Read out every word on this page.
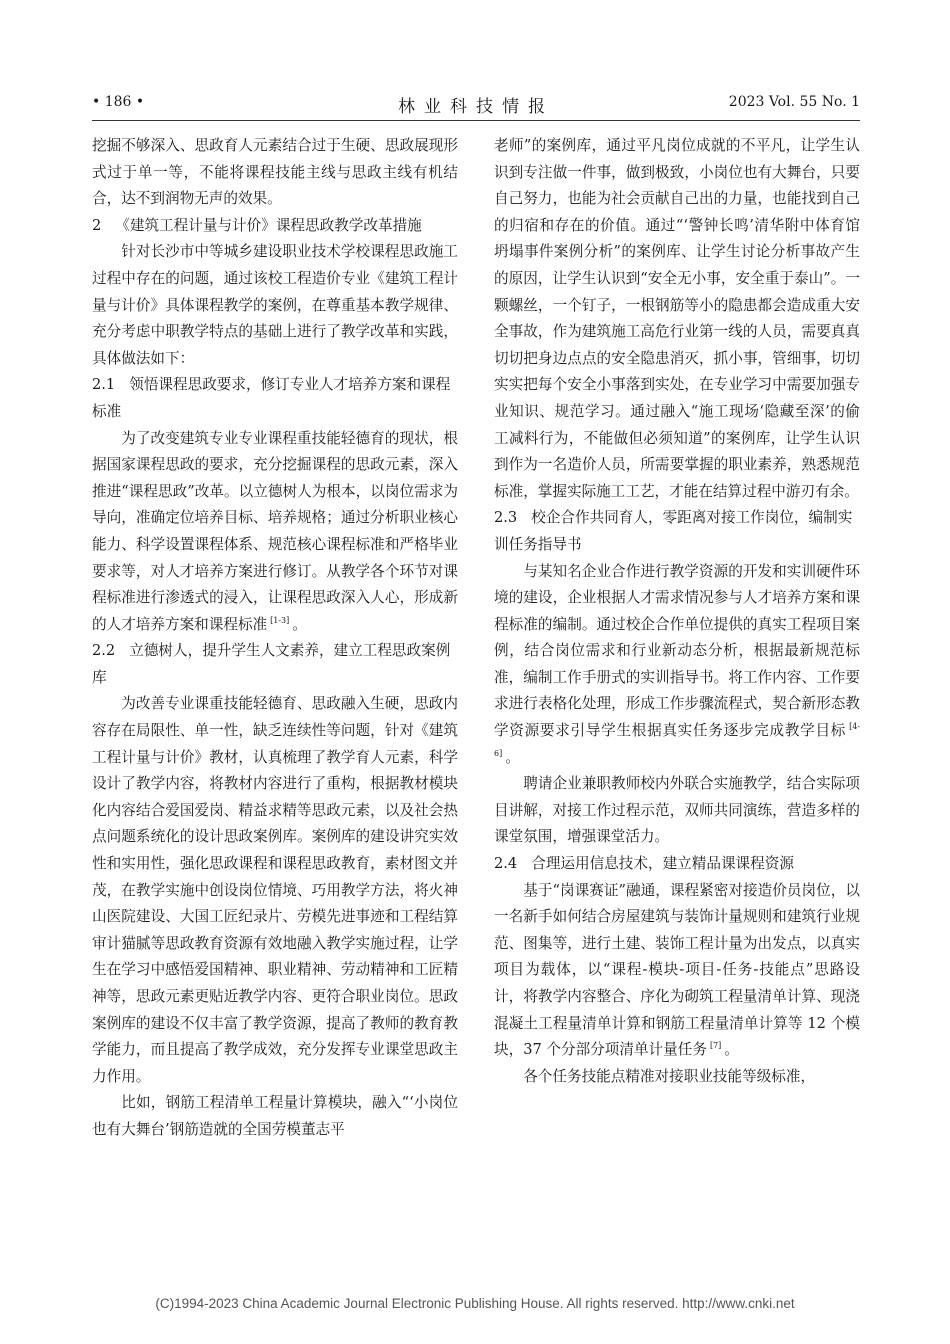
• 186 •	林业科技情报	2023 Vol. 55 No. 1

挖掘不够深入、思政育人元素结合过于生硬、思政展现形式过于单一等，不能将课程技能主线与思政主线有机结合，达不到润物无声的效果。

2 《建筑工程计量与计价》课程思政教学改革措施

针对长沙市中等城乡建设职业技术学校课程思政施工过程中存在的问题，通过该校工程造价专业《建筑工程计量与计价》具体课程教学的案例，在尊重基本教学规律、充分考虑中职教学特点的基础上进行了教学改革和实践，具体做法如下：

2.1 领悟课程思政要求，修订专业人才培养方案和课程标准

为了改变建筑专业专业课程重技能轻德育的现状，根据国家课程思政的要求，充分挖掘课程的思政元素，深入推进“课程思政”改革。以立德树人为根本，以岗位需求为导向，准确定位培养目标、培养规格；通过分析职业核心能力、科学设置课程体系、规范核心课程标准和严格毕业要求等，对人才培养方案进行修订。从教学各个环节对课程标准进行渗透式的浸入，让课程思政深入人心，形成新的人才培养方案和课程标准 [1-3] 。

2.2 立德树人，提升学生人文素养，建立工程思政案例库

为改善专业课重技能轻德育、思政融入生硬，思政内容存在局限性、单一性，缺乏连续性等问题，针对《建筑工程计量与计价》教材，认真梳理了教学育人元素，科学设计了教学内容，将教材内容进行了重构，根据教材模块化内容结合爱国爱岗、精益求精等思政元素，以及社会热点问题系统化的设计思政案例库。案例库的建设讲究实效性和实用性，强化思政课程和课程思政教育，素材图文并茂，在教学实施中创设岗位情境、巧用教学方法，将火神山医院建设、大国工匠纪录片、劳模先进事迹和工程结算审计猫腻等思政教育资源有效地融入教学实施过程，让学生在学习中感悟爱国精神、职业精神、劳动精神和工匠精神等，思政元素更贴近教学内容、更符合职业岗位。思政案例库的建设不仅丰富了教学资源，提高了教师的教育教学能力，而且提高了教学成效，充分发挥专业课堂思政主力作用。

比如，钢筋工程清单工程量计算模块，融入“‘小岗位也有大舞台’钢筋造就的全国劳模董志平

老师”的案例库，通过平凡岗位成就的不平凡，让学生认识到专注做一件事，做到极致，小岗位也有大舞台，只要自己努力，也能为社会贡献自己出的力量，也能找到自己的归宿和存在的价值。通过“‘警钟长鸣’清华附中体育馆坍塌事件案例分析”的案例库、让学生讨论分析事故产生的原因，让学生认识到“安全无小事，安全重于泰山”。一颗螺丝，一个钉子，一根钢筋等小的隐患都会造成重大安全事故，作为建筑施工高危行业第一线的人员，需要真真切切把身边点点的安全隐患消灭，抓小事，管细事，切切实实把每个安全小事落到实处，在专业学习中需要加强专业知识、规范学习。通过融入“施工现场‘隐藏至深’的偷工减料行为，不能做但必须知道”的案例库，让学生认识到作为一名造价人员，所需要掌握的职业素养，熟悉规范标准，掌握实际施工工艺，才能在结算过程中游刃有余。

2.3 校企合作共同育人，零距离对接工作岗位，编制实训任务指导书

与某知名企业合作进行教学资源的开发和实训硬件环境的建设，企业根据人才需求情况参与人才培养方案和课程标准的编制。通过校企合作单位提供的真实工程项目案例，结合岗位需求和行业新动态分析，根据最新规范标准，编制工作手册式的实训指导书。将工作内容、工作要求进行表格化处理，形成工作步骤流程式，契合新形态教学资源要求引导学生根据真实任务逐步完成教学目标 [4-6] 。

聘请企业兼职教师校内外联合实施教学，结合实际项目讲解，对接工作过程示范，双师共同演练，营造多样的课堂氛围，增强课堂活力。

2.4 合理运用信息技术，建立精品课课程资源

基于“岗课赛证”融通，课程紧密对接造价员岗位，以一名新手如何结合房屋建筑与装饰计量规则和建筑行业规范、图集等，进行土建、装饰工程计量为出发点，以真实项目为载体，以“课程-模块-项目-任务-技能点”思路设计，将教学内容整合、序化为砌筑工程量清单计算、现浇混凝土工程量清单计算和钢筋工程量清单计算等 12 个模块，37 个分部分项清单计量任务 [7] 。

各个任务技能点精准对接职业技能等级标准，

(C)1994-2023 China Academic Journal Electronic Publishing House. All rights reserved. http://www.cnki.net
